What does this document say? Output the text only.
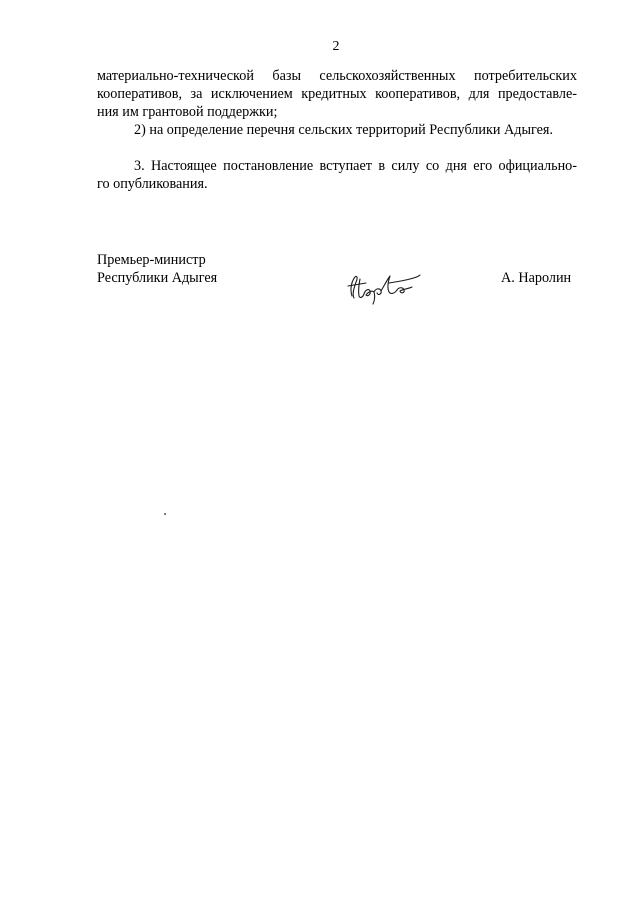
2

материально-технической базы сельскохозяйственных потребительских

кооперативов, за исключением кредитных кооперативов, для предоставле-

ния им грантовой поддержки;

2) на определение перечня сельских территорий Республики Адыгея.

3. Настоящее постановление вступает в силу со дня его официально-

го опубликования.

Премьер-министр

Республики Адыгея	А. Наролин
